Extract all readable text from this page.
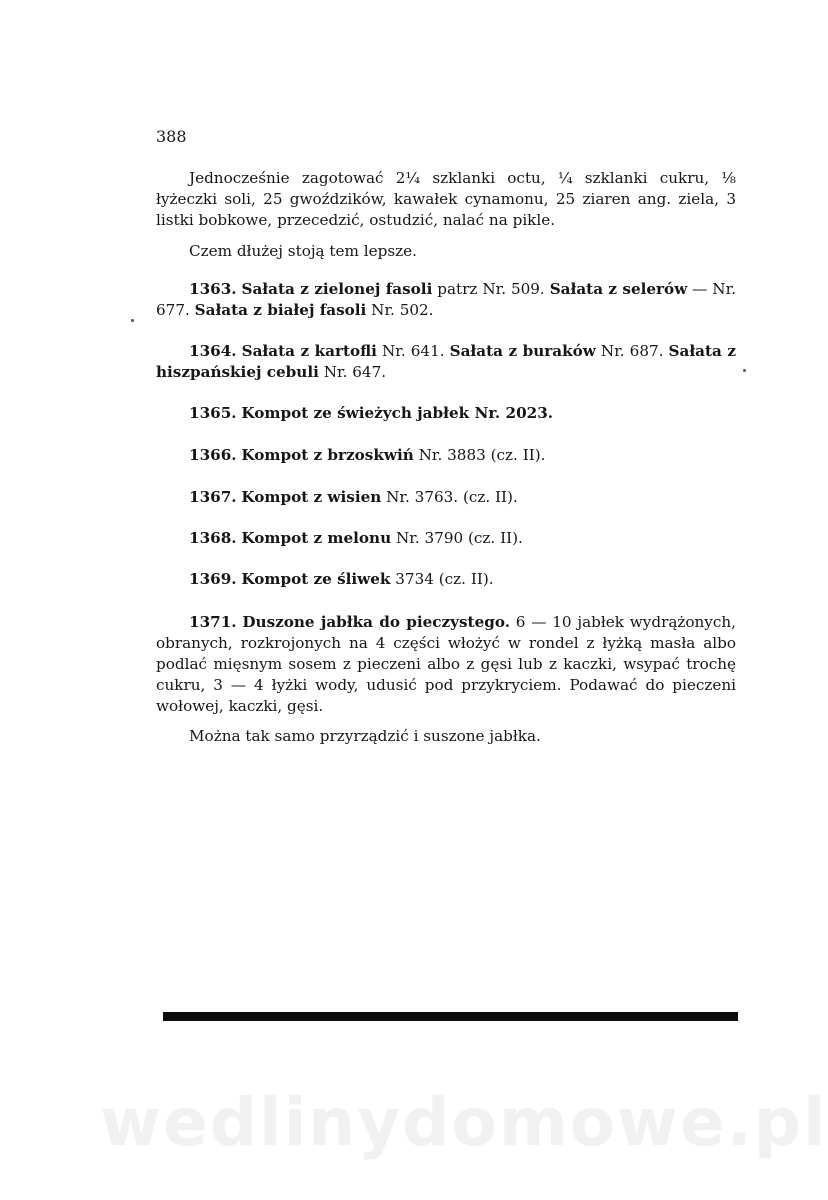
388

Jednocześnie zagotować 2¼ szklanki octu, ¼ szklanki cukru, ⅛ łyżeczki soli, 25 gwoździków, kawałek cynamonu, 25 ziaren ang. ziela, 3 listki bobkowe, przecedzić, ostudzić, nalać na pikle.

Czem dłużej stoją tem lepsze.

1363. Sałata z zielonej fasoli patrz Nr. 509. Sałata z selerów — Nr. 677. Sałata z białej fasoli Nr. 502.

1364. Sałata z kartofli Nr. 641. Sałata z buraków Nr. 687. Sałata z hiszpańskiej cebuli Nr. 647.

1365. Kompot ze świeżych jabłek Nr. 2023.
1366. Kompot z brzoskwiń Nr. 3883 (cz. II).
1367. Kompot z wisien Nr. 3763. (cz. II).
1368. Kompot z melonu Nr. 3790 (cz. II).
1369. Kompot ze śliwek 3734 (cz. II).

1371. Duszone jabłka do pieczystego. 6 — 10 jabłek wydrążonych, obranych, rozkrojonych na 4 części włożyć w rondel z łyżką masła albo podlać mięsnym sosem z pieczeni albo z gęsi lub z kaczki, wsypać trochę cukru, 3 — 4 łyżki wody, udusić pod przykryciem. Podawać do pieczeni wołowej, kaczki, gęsi.

Można tak samo przyrządzić i suszone jabłka.

wedlinydomowe.pl
